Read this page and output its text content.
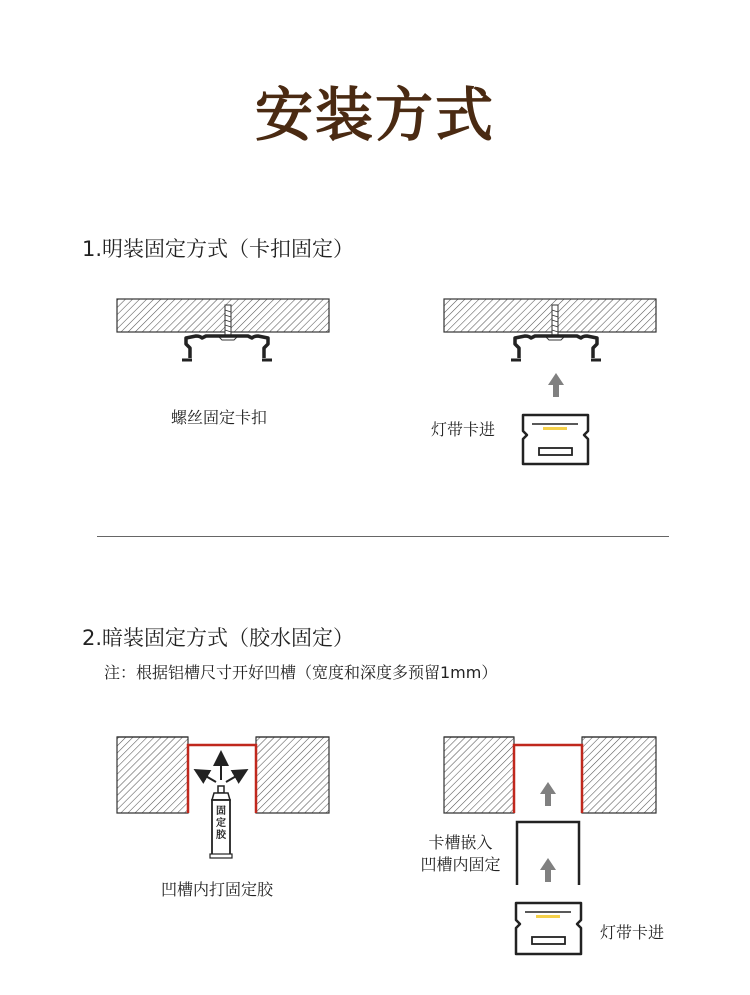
安装方式
1.明装固定方式（卡扣固定）
螺丝固定卡扣
灯带卡进
2.暗装固定方式（胶水固定）
注：根据铝槽尺寸开好凹槽（宽度和深度多预留1mm）
固定胶
凹槽内打固定胶
卡槽嵌入
凹槽内固定
灯带卡进
